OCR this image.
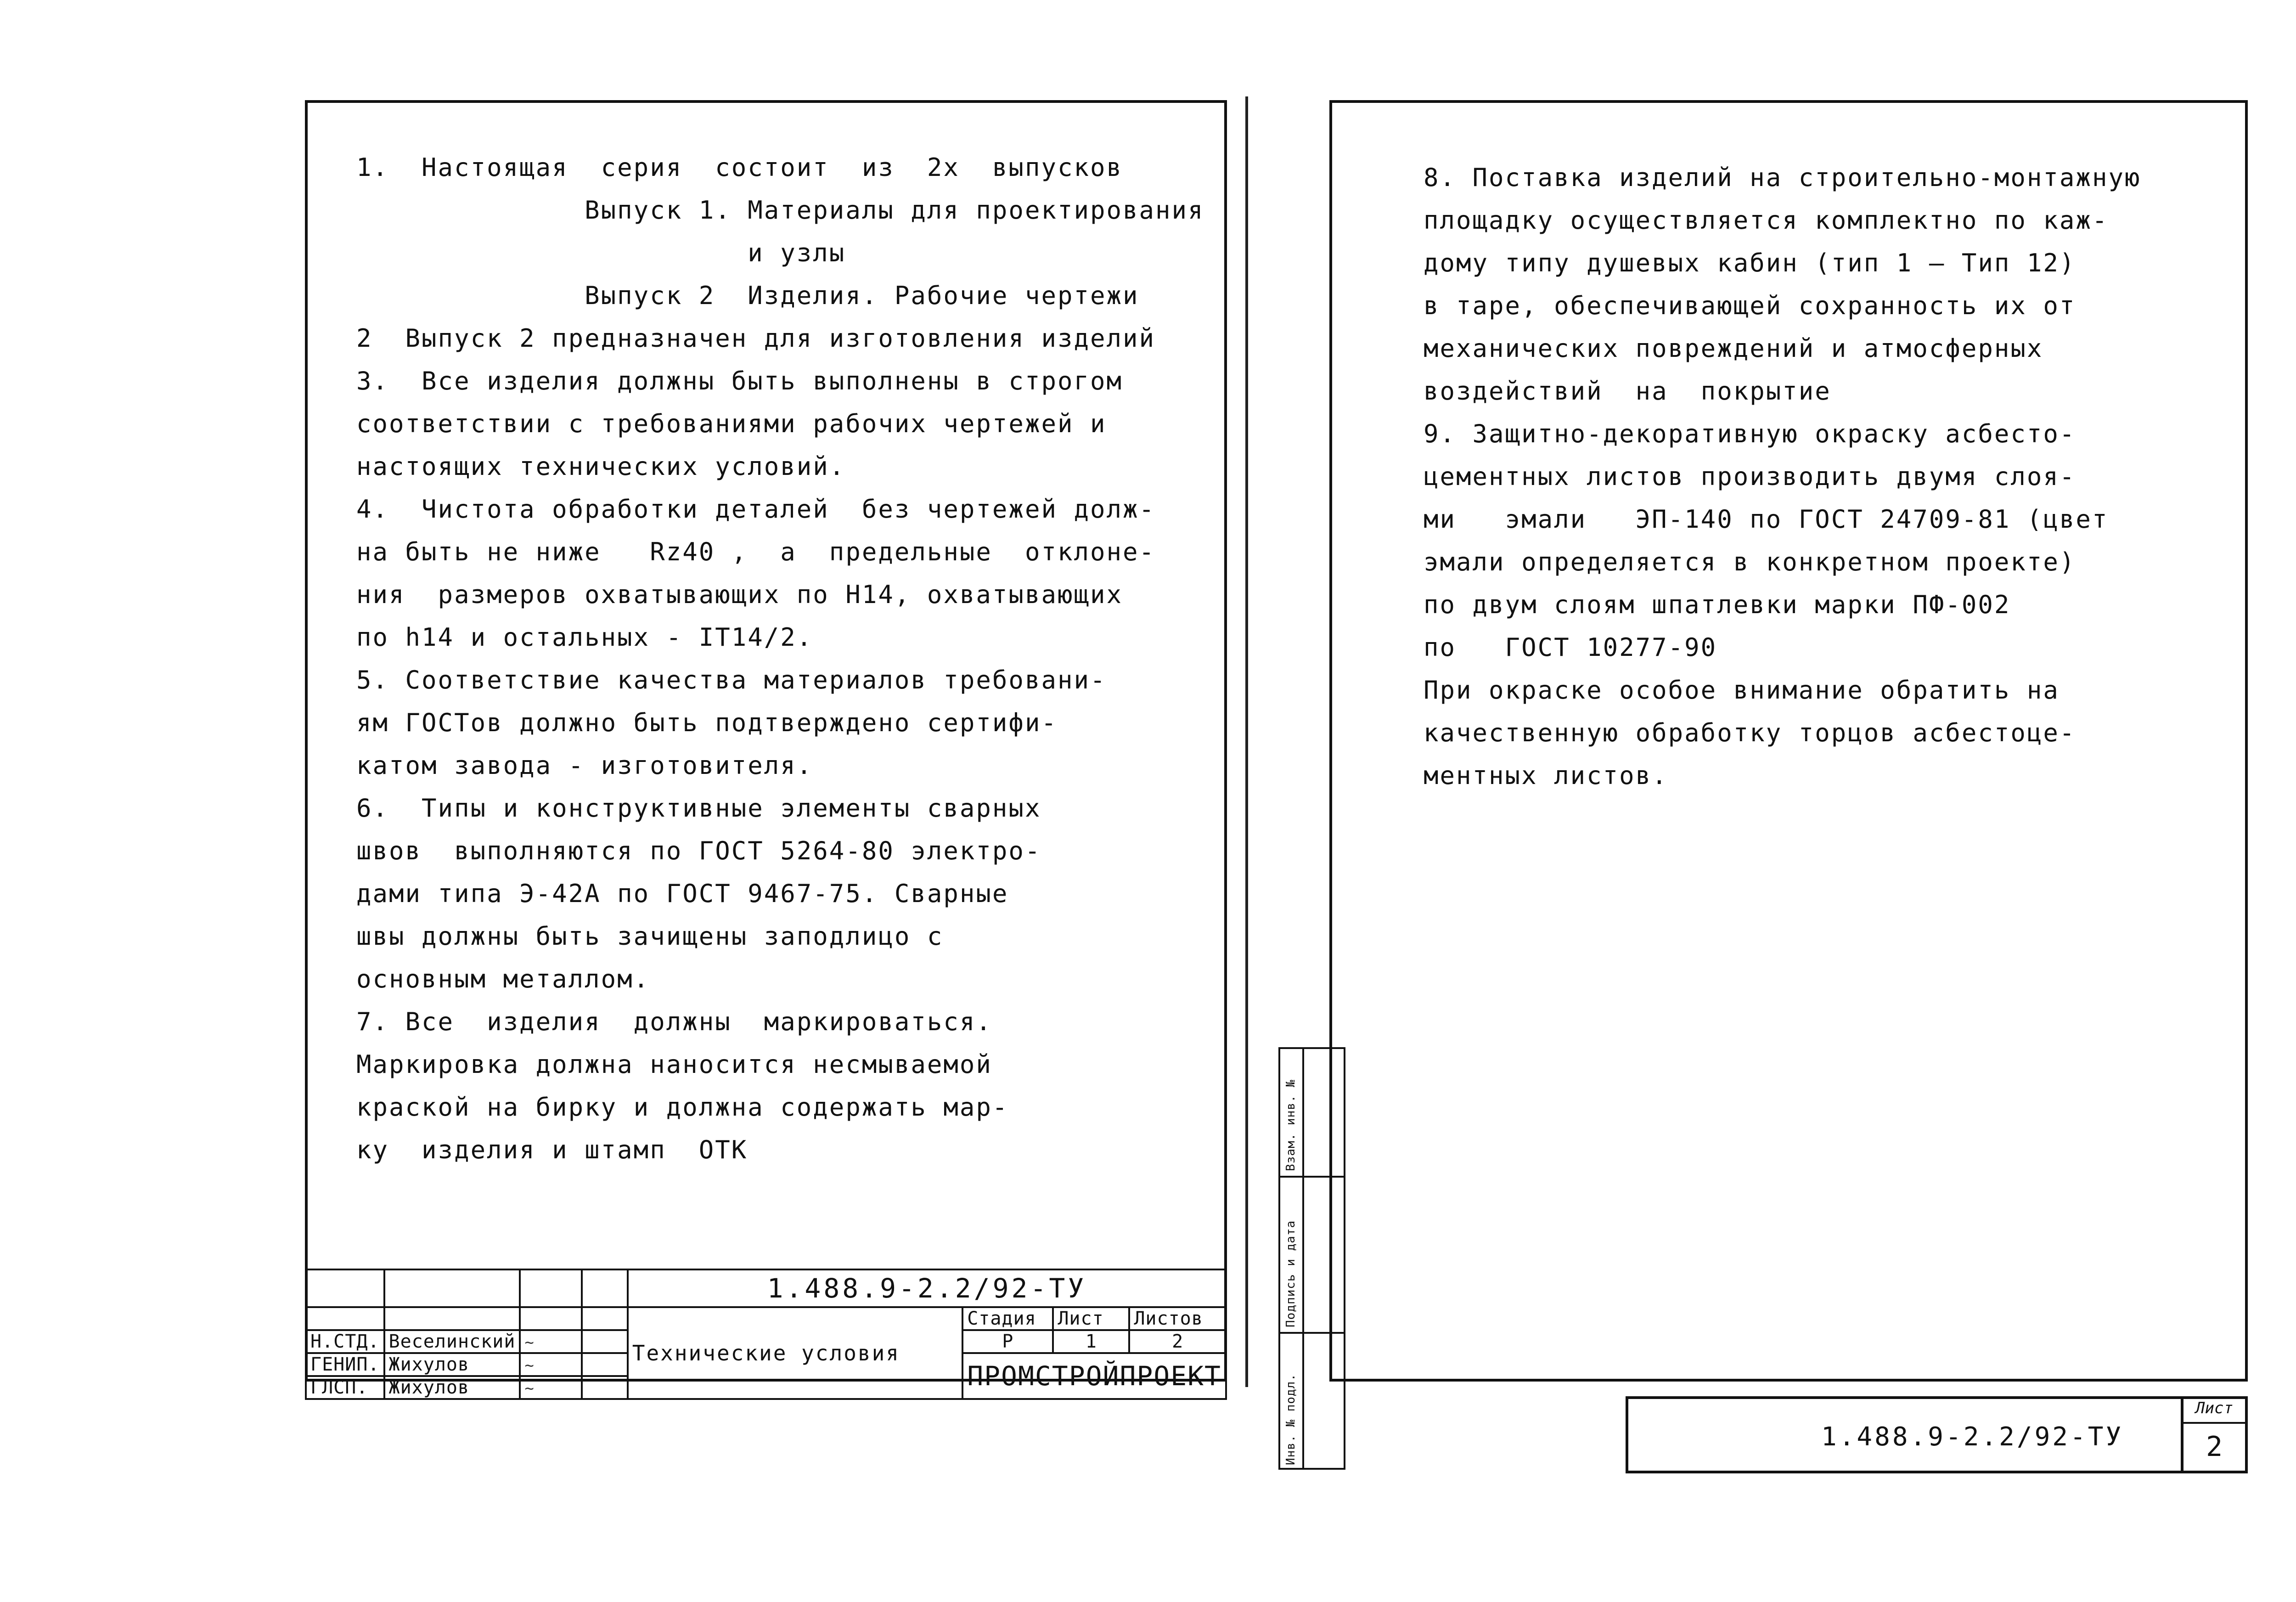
1.  Настоящая  серия  состоит  из  2х  выпусков
Выпуск 1. Материалы для проектирования
и узлы
Выпуск 2  Изделия. Рабочие чертежи
2  Выпуск 2 предназначен для изготовления изделий
3.  Все изделия должны быть выполнены в строгом
соответствии с требованиями рабочих чертежей и
настоящих технических условий.
4.  Чистота обработки деталей  без чертежей долж-
на быть не ниже   Rz40 ,  а  предельные  отклоне-
ния  размеров охватывающих по Н14, охватывающих
по h14 и остальных - IT14/2.
5. Соответствие качества материалов требовани-
ям ГОСТов должно быть подтверждено сертифи-
катом завода - изготовителя.
6.  Типы и конструктивные элементы сварных
швов  выполняются по ГОСТ 5264-80 электро-
дами типа Э-42А по ГОСТ 9467-75. Сварные
швы должны быть зачищены заподлицо с
основным металлом.
7. Все  изделия  должны  маркироваться.
Маркировка должна наносится несмываемой
краской на бирку и должна содержать мар-
ку  изделия и штамп  ОТК
				1.488.9-2.2/92-ТУ			
				Технические условия	Стадия	Лист	Листов
Н.СТД.	Веселинский	~			Р	1	2
ГЕНИП.	Жихулов	~			ПРОМСТРОЙПРОЕКТ		
ГЛСП.	Жихулов	~					
8. Поставка изделий на строительно-монтажную
площадку осуществляется комплектно по каж-
дому типу душевых кабин (тип 1 — Тип 12)
в таре, обеспечивающей сохранность их от
механических повреждений и атмосферных
воздействий  на  покрытие
9. Защитно-декоративную окраску асбесто-
цементных листов производить двумя слоя-
ми   эмали   ЭП-140 по ГОСТ 24709-81 (цвет
эмали определяется в конкретном проекте)
по двум слоям шпатлевки марки ПФ-002
по   ГОСТ 10277-90
При окраске особое внимание обратить на
качественную обработку торцов асбестоце-
ментных листов.
Инв. № подл.
Подпись и дата
Взам. инв. №
1.488.9-2.2/92-ТУ
Лист
2
